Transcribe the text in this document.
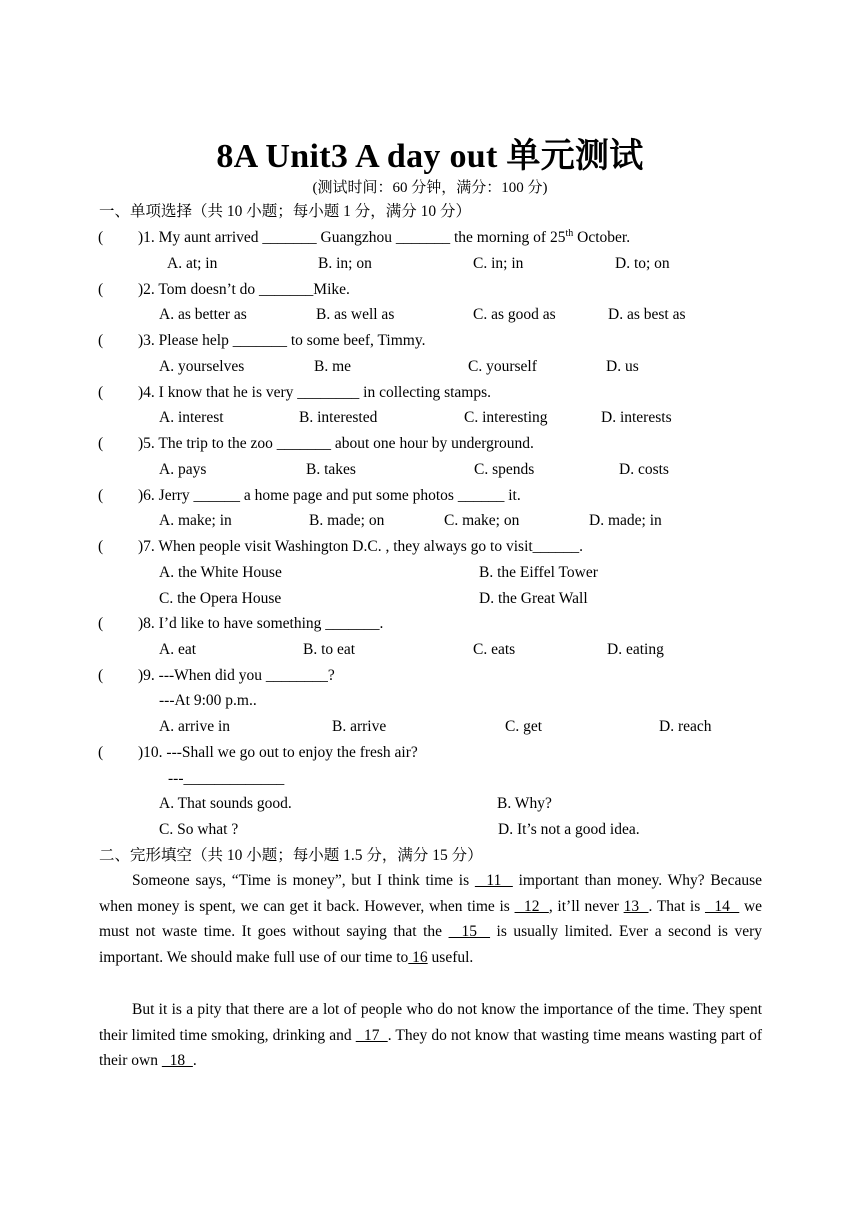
8A Unit3 A day out 单元测试
(测试时间：60 分钟，满分：100 分)
一、单项选择（共 10 小题；每小题 1 分，满分 10 分）
( )1. My aunt arrived _______ Guangzhou _______ the morning of 25th October.
A. at; in	B. in; on	C. in; in	D. to; on
( )2. Tom doesn’t do _______Mike.
A. as better as	B. as well as	C. as good as	D. as best as
( )3. Please help _______ to some beef, Timmy.
A. yourselves	B. me	C. yourself	D. us
( )4. I know that he is very ________ in collecting stamps.
A. interest	B. interested	C. interesting	D. interests
( )5. The trip to the zoo _______ about one hour by underground.
A. pays	B. takes	C. spends	D. costs
( )6. Jerry ______ a home page and put some photos ______ it.
A. make; in	B. made; on	C. make; on	D. made; in
( )7. When people visit Washington D.C. , they always go to visit______.
A. the White House	B. the Eiffel Tower
C. the Opera House	D. the Great Wall
( )8. I’d like to have something _______.
A. eat	B. to eat	C. eats	D. eating
( )9. ---When did you ________?
---At 9:00 p.m..
A. arrive in	B. arrive	C. get	D. reach
( )10. ---Shall we go out to enjoy the fresh air?
---_____________
A. That sounds good.	B. Why?
C. So what ?	D. It’s not a good idea.
二、完形填空（共 10 小题；每小题 1.5 分，满分 15 分）
Someone says, “Time is money”, but I think time is   11   important than money. Why? Because when money is spent, we can get it back. However, when time is   12  , it’ll never 13  . That is   14   we must not waste time. It goes without saying that the   15   is usually limited. Ever a second is very important. We should make full use of our time to 16 useful.
But it is a pity that there are a lot of people who do not know the importance of the time. They spent their limited time smoking, drinking and   17  . They do not know that wasting time means wasting part of their own   18  .
